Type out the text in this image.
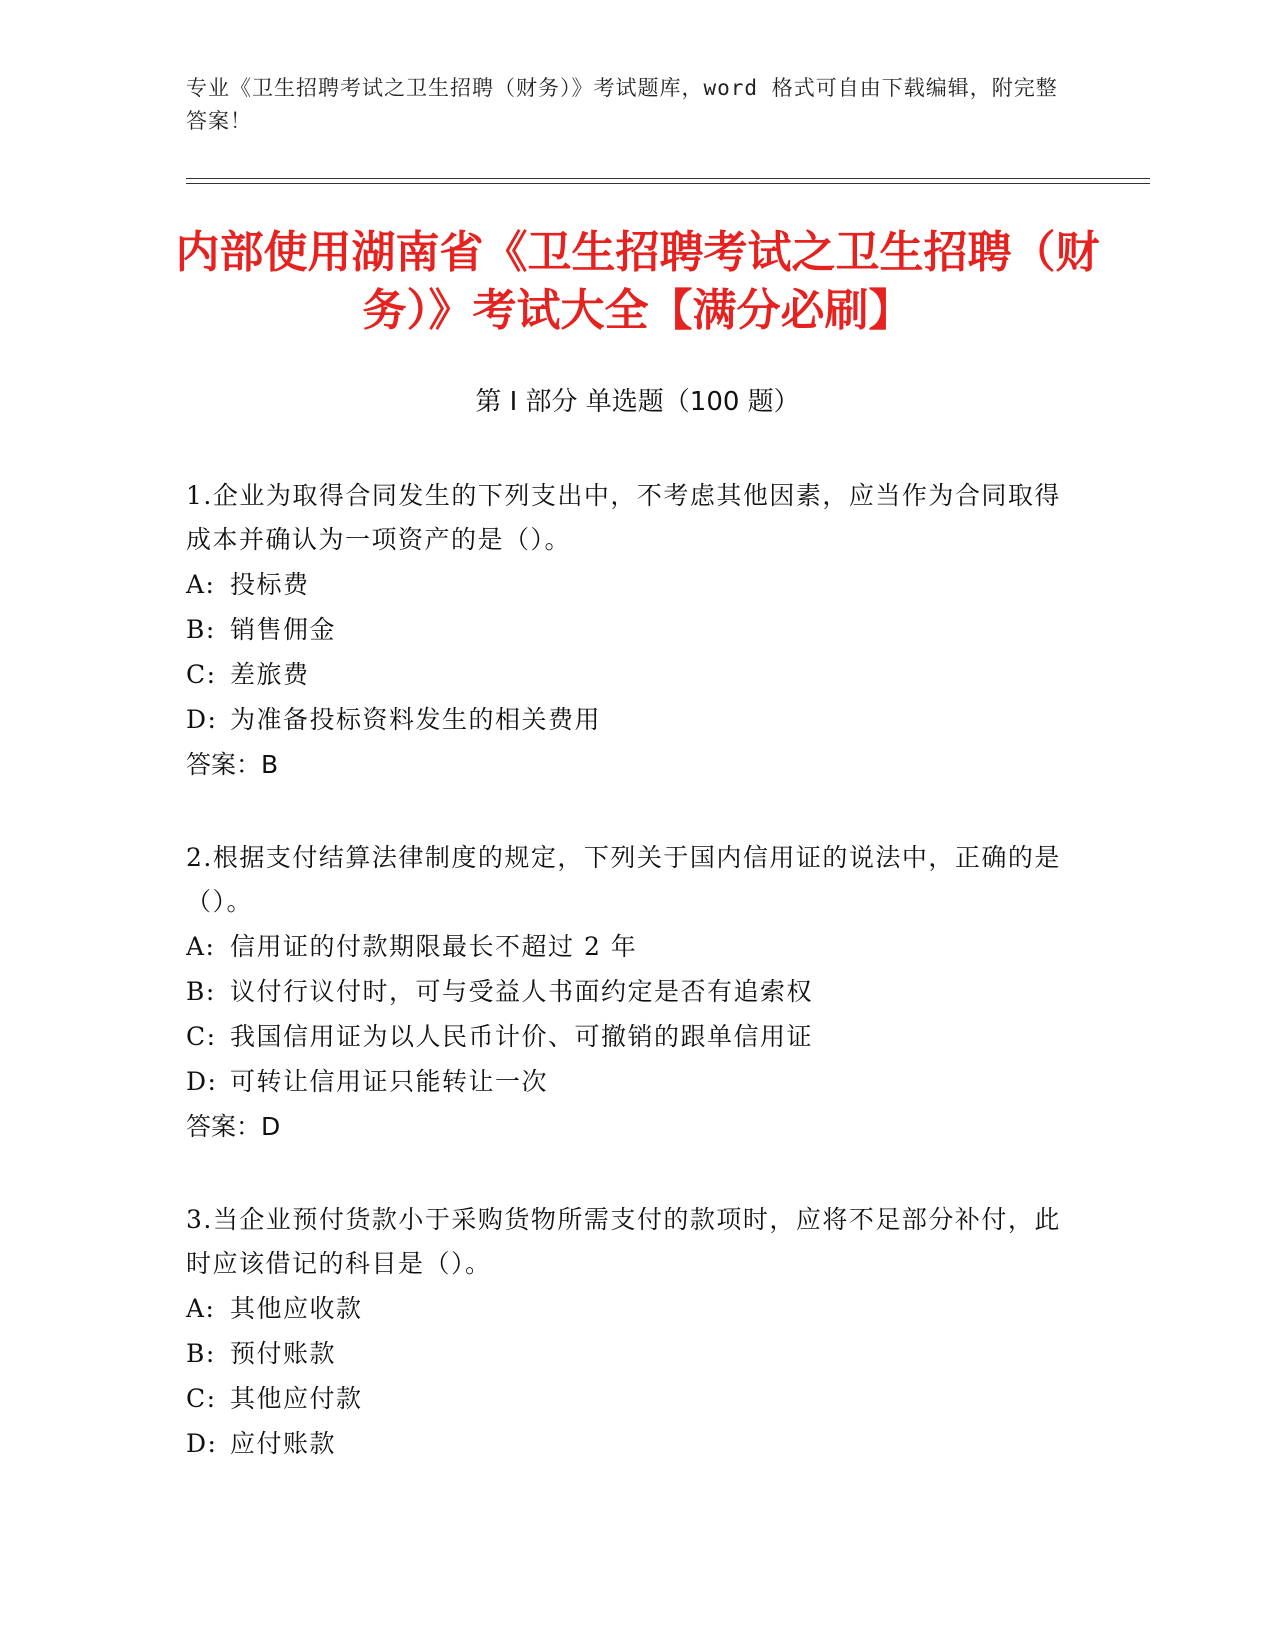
专业《卫生招聘考试之卫生招聘（财务）》考试题库，word 格式可自由下载编辑，附完整答案！
内部使用湖南省《卫生招聘考试之卫生招聘（财务）》考试大全【满分必刷】
第 I 部分 单选题（100 题）

1.企业为取得合同发生的下列支出中，不考虑其他因素，应当作为合同取得成本并确认为一项资产的是（）。

A: 投标费

B: 销售佣金

C: 差旅费

D: 为准备投标资料发生的相关费用

答案：B

2.根据支付结算法律制度的规定，下列关于国内信用证的说法中，正确的是（）。

A: 信用证的付款期限最长不超过 2 年

B: 议付行议付时，可与受益人书面约定是否有追索权

C: 我国信用证为以人民币计价、可撤销的跟单信用证

D: 可转让信用证只能转让一次

答案：D

3.当企业预付货款小于采购货物所需支付的款项时，应将不足部分补付，此时应该借记的科目是（）。

A: 其他应收款

B: 预付账款

C: 其他应付款

D: 应付账款
